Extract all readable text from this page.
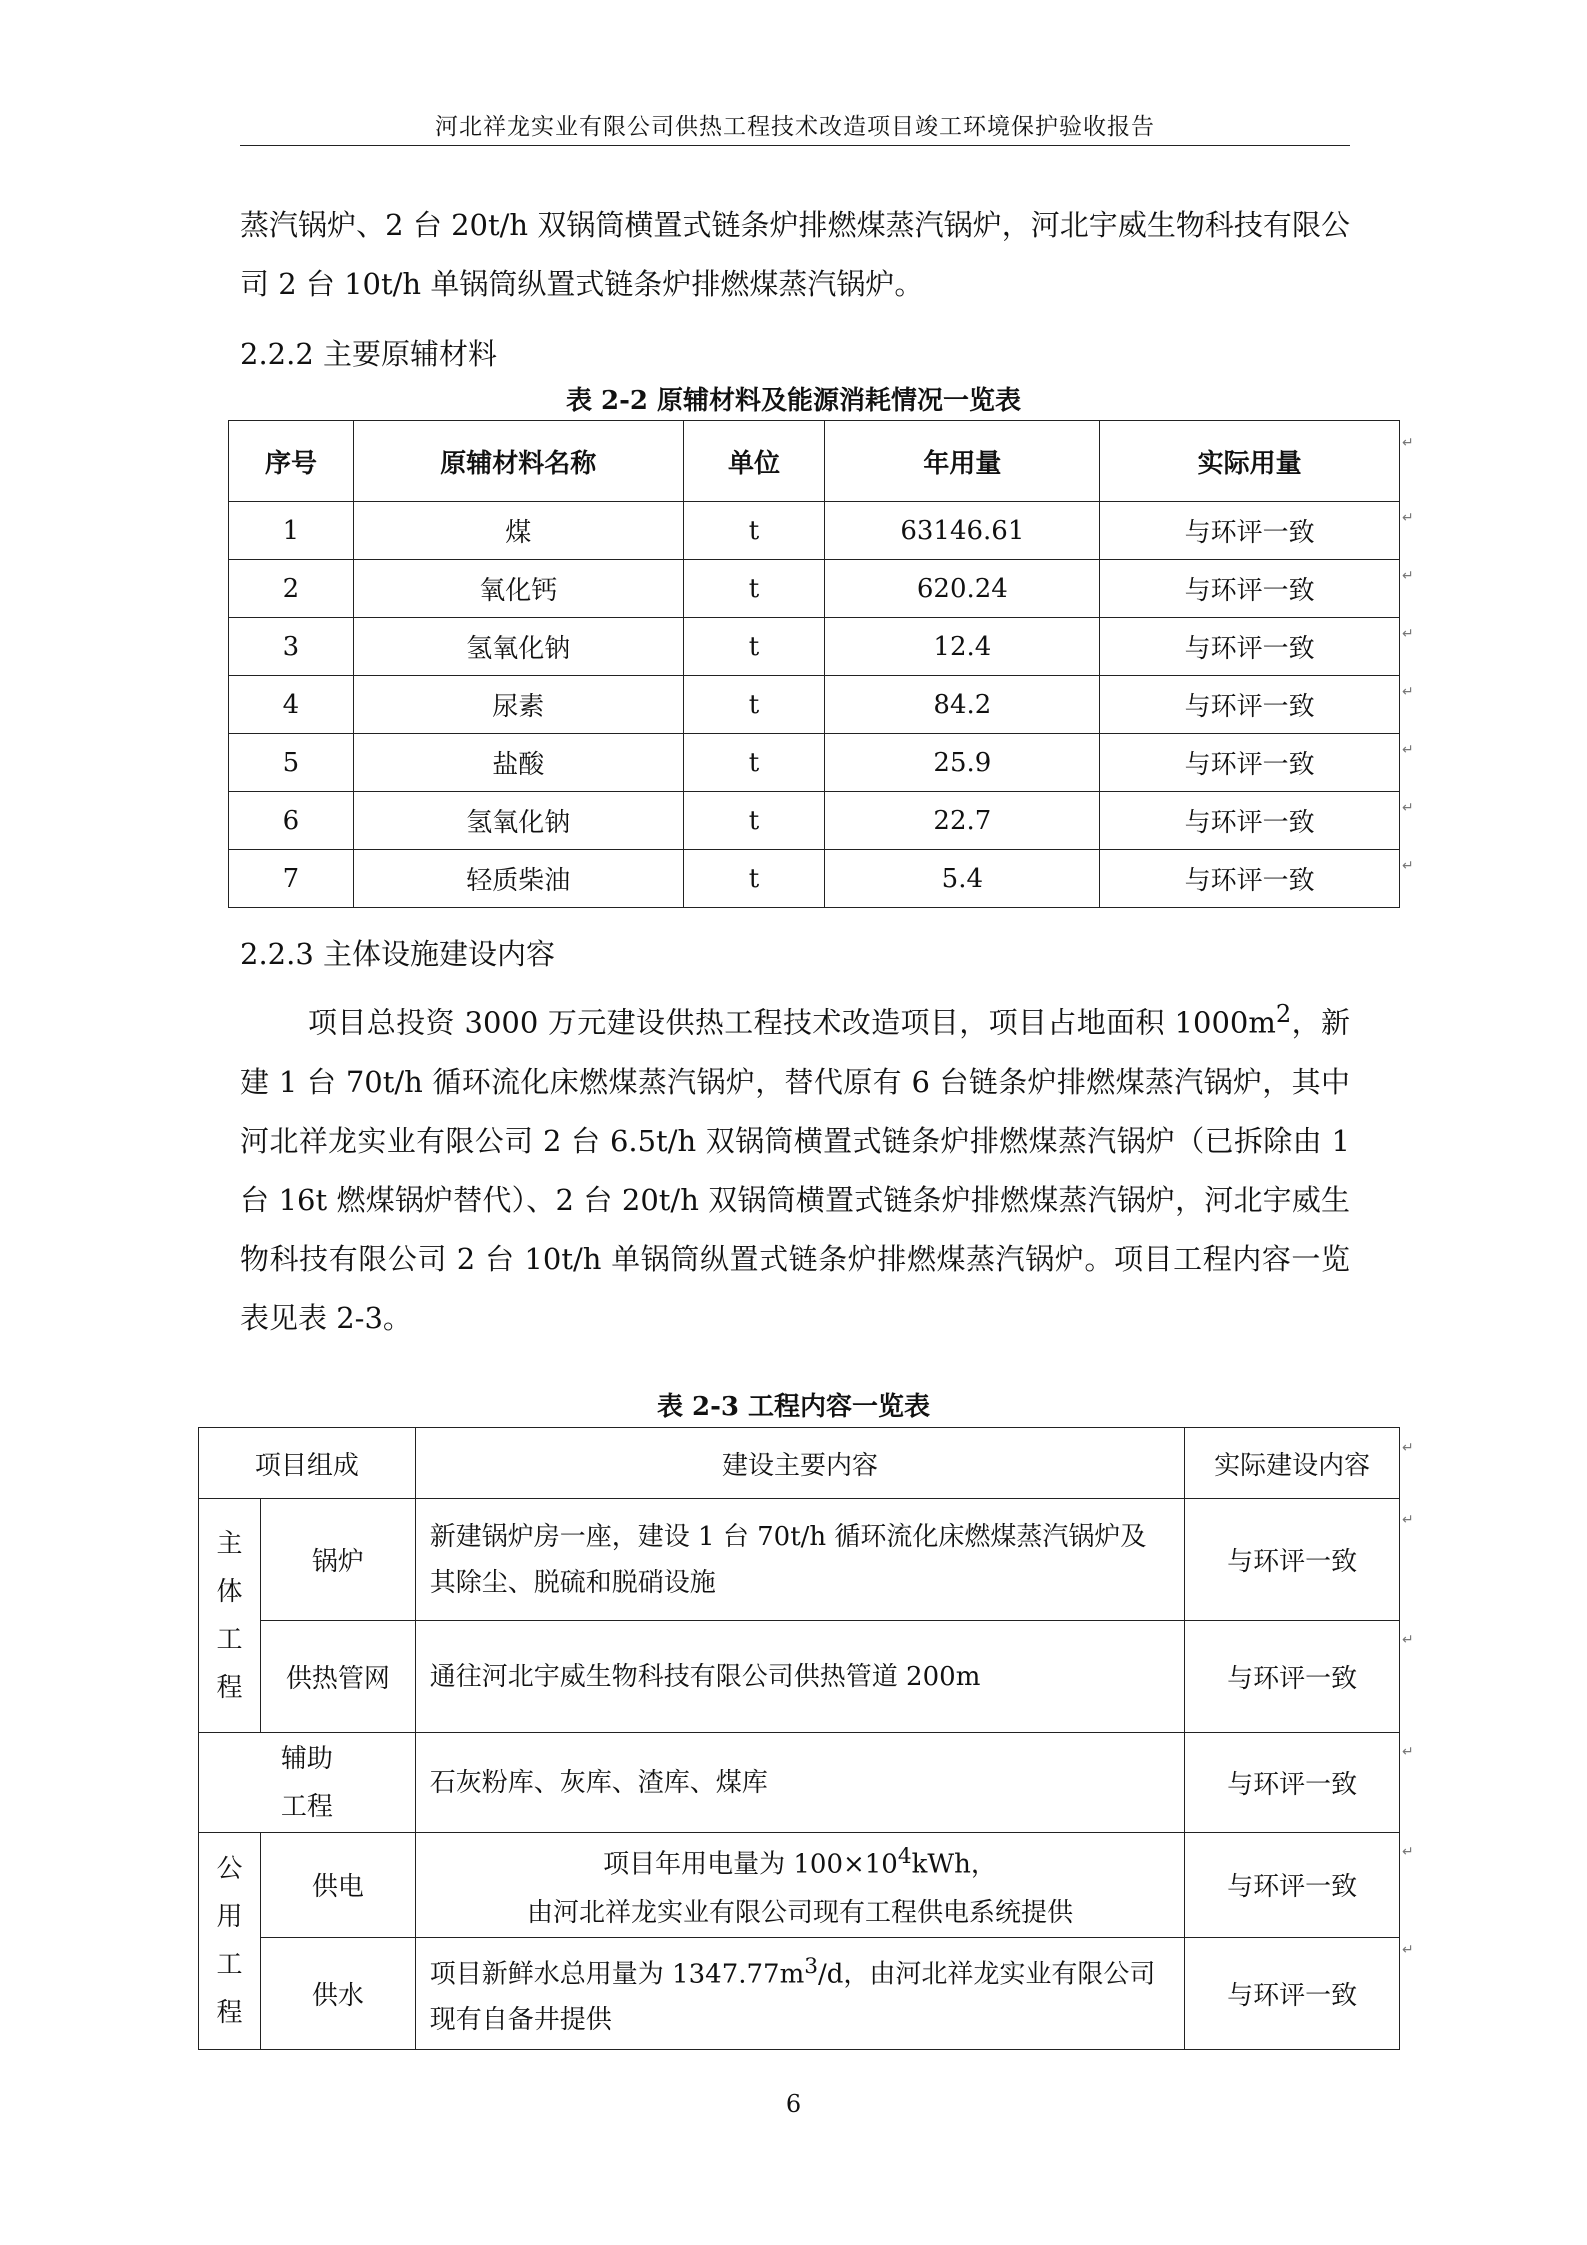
河北祥龙实业有限公司供热工程技术改造项目竣工环境保护验收报告
蒸汽锅炉、2 台 20t/h 双锅筒横置式链条炉排燃煤蒸汽锅炉，河北宇威生物科技有限公司 2 台 10t/h 单锅筒纵置式链条炉排燃煤蒸汽锅炉。
2.2.2 主要原辅材料
表 2-2 原辅材料及能源消耗情况一览表
序号	原辅材料名称	单位	年用量	实际用量
1	煤	t	63146.61	与环评一致
2	氧化钙	t	620.24	与环评一致
3	氢氧化钠	t	12.4	与环评一致
4	尿素	t	84.2	与环评一致
5	盐酸	t	25.9	与环评一致
6	氢氧化钠	t	22.7	与环评一致
7	轻质柴油	t	5.4	与环评一致
↵
↵
↵
↵
↵
↵
↵
↵
2.2.3 主体设施建设内容
项目总投资 3000 万元建设供热工程技术改造项目，项目占地面积 $1000m^2$，新建 1 台 70t/h 循环流化床燃煤蒸汽锅炉，替代原有 6 台链条炉排燃煤蒸汽锅炉，其中河北祥龙实业有限公司 2 台 6.5t/h 双锅筒横置式链条炉排燃煤蒸汽锅炉（已拆除由 1 台 16t 燃煤锅炉替代）、2 台 20t/h 双锅筒横置式链条炉排燃煤蒸汽锅炉，河北宇威生物科技有限公司 2 台 10t/h 单锅筒纵置式链条炉排燃煤蒸汽锅炉。项目工程内容一览表见表 2-3。
表 2-3 工程内容一览表
项目组成		建设主要内容	实际建设内容

主体工程	锅炉	新建锅炉房一座，建设 1 台 70t/h 循环流化床燃煤蒸汽锅炉及其除尘、脱硫和脱硝设施	与环评一致
	供热管网	通往河北宇威生物科技有限公司供热管道 200m	与环评一致

辅助
工程		石灰粉库、灰库、渣库、煤库	与环评一致

公用工程	供电	项目年用电量为 $100\times 10^4kWh$，
由河北祥龙实业有限公司现有工程供电系统提供	与环评一致
	供水	项目新鲜水总用量为 $1347.77m^3/d$，由河北祥龙实业有限公司现有自备井提供	与环评一致
↵
↵
↵
↵
↵
↵
6
